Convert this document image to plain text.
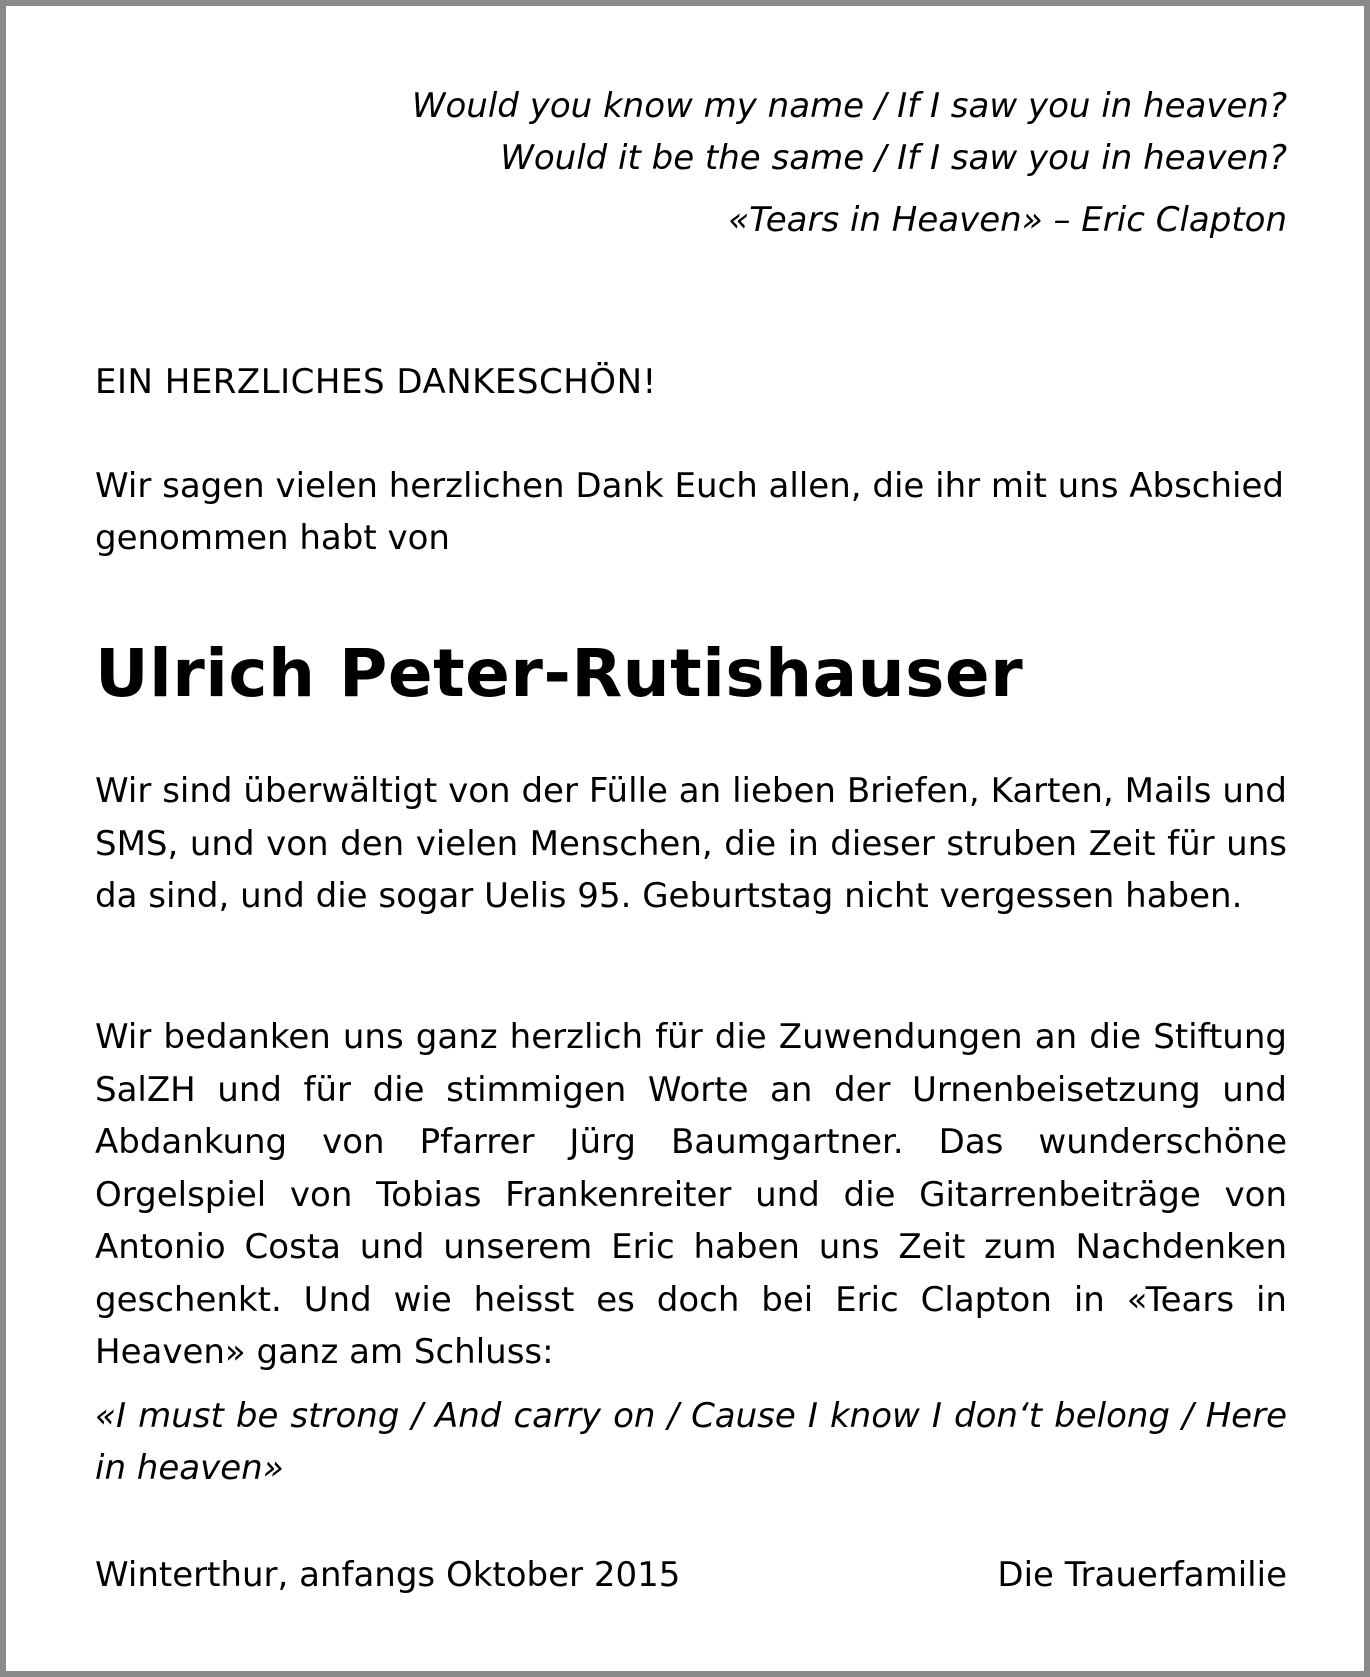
Would you know my name / If I saw you in heaven?
Would it be the same / If I saw you in heaven?
«Tears in Heaven» – Eric Clapton
EIN HERZLICHES DANKESCHÖN!
Wir sagen vielen herzlichen Dank Euch allen, die ihr mit uns Abschied genommen habt von
Ulrich Peter-Rutishauser
Wir sind überwältigt von der Fülle an lieben Briefen, Karten, Mails und SMS, und von den vielen Menschen, die in dieser struben Zeit für uns da sind, und die sogar Uelis 95. Geburtstag nicht vergessen haben.
Wir bedanken uns ganz herzlich für die Zuwendungen an die Stiftung SalZH und für die stimmigen Worte an der Urnenbeisetzung und Abdankung von Pfarrer Jürg Baumgartner. Das wunderschöne Orgelspiel von Tobias Frankenreiter und die Gitarrenbeiträge von Antonio Costa und unserem Eric haben uns Zeit zum Nachdenken geschenkt. Und wie heisst es doch bei Eric Clapton in «Tears in Heaven» ganz am Schluss:
«I must be strong / And carry on / Cause I know I don‘t belong / Here in heaven»
Winterthur, anfangs Oktober 2015	Die Trauerfamilie
